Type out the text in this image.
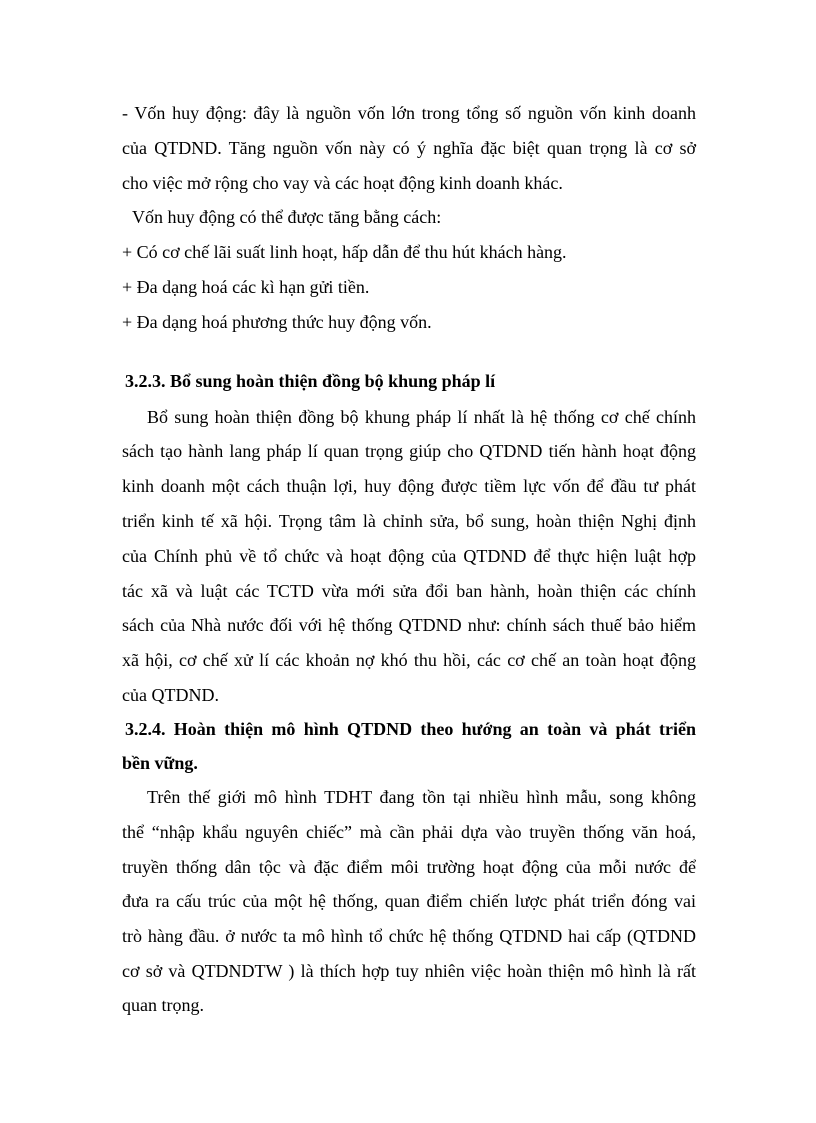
- Vốn huy động: đây là nguồn vốn lớn trong tổng số nguồn vốn kinh doanh

của QTDND. Tăng nguồn vốn này có ý nghĩa đặc biệt quan trọng là cơ sở

cho việc mở rộng cho vay và các hoạt động kinh doanh khác.

Vốn huy động có thể được tăng bằng cách:

+ Có cơ chế lãi suất linh hoạt, hấp dẫn để thu hút khách hàng.

+ Đa dạng hoá các kì hạn gửi tiền.

+ Đa dạng hoá phương thức huy động vốn.

3.2.3. Bổ sung hoàn thiện đồng bộ khung pháp lí

Bổ sung hoàn thiện đồng bộ khung pháp lí nhất là hệ thống cơ chế chính

sách tạo hành lang pháp lí quan trọng giúp cho QTDND tiến hành hoạt động

kinh doanh một cách thuận lợi, huy động được tiềm lực vốn để đầu tư phát

triển kinh tế xã hội. Trọng tâm là chỉnh sửa, bổ sung, hoàn thiện Nghị định

của Chính phủ về tổ chức và hoạt động của QTDND để thực hiện luật hợp

tác xã và luật các TCTD vừa mới sửa đổi ban hành, hoàn thiện các chính

sách của Nhà nước đối với hệ thống QTDND như: chính sách thuế bảo hiểm

xã hội, cơ chế xử lí các khoản nợ khó thu hồi, các cơ chế an toàn hoạt động

của QTDND.

3.2.4. Hoàn thiện mô hình QTDND theo hướng an toàn và phát triển

bền vững.

Trên thế giới mô hình TDHT đang tồn tại nhiều hình mẫu, song không

thể “nhập khẩu nguyên chiếc” mà cần phải dựa vào truyền thống văn hoá,

truyền thống dân tộc và đặc điểm môi trường hoạt động của mỗi nước để

đưa ra cấu trúc của một hệ thống, quan điểm chiến lược phát triển đóng vai

trò hàng đầu. ở nước ta mô hình tổ chức hệ thống QTDND hai cấp (QTDND

cơ sở và QTDNDTW ) là thích hợp tuy nhiên việc hoàn thiện mô hình là rất

quan trọng.
